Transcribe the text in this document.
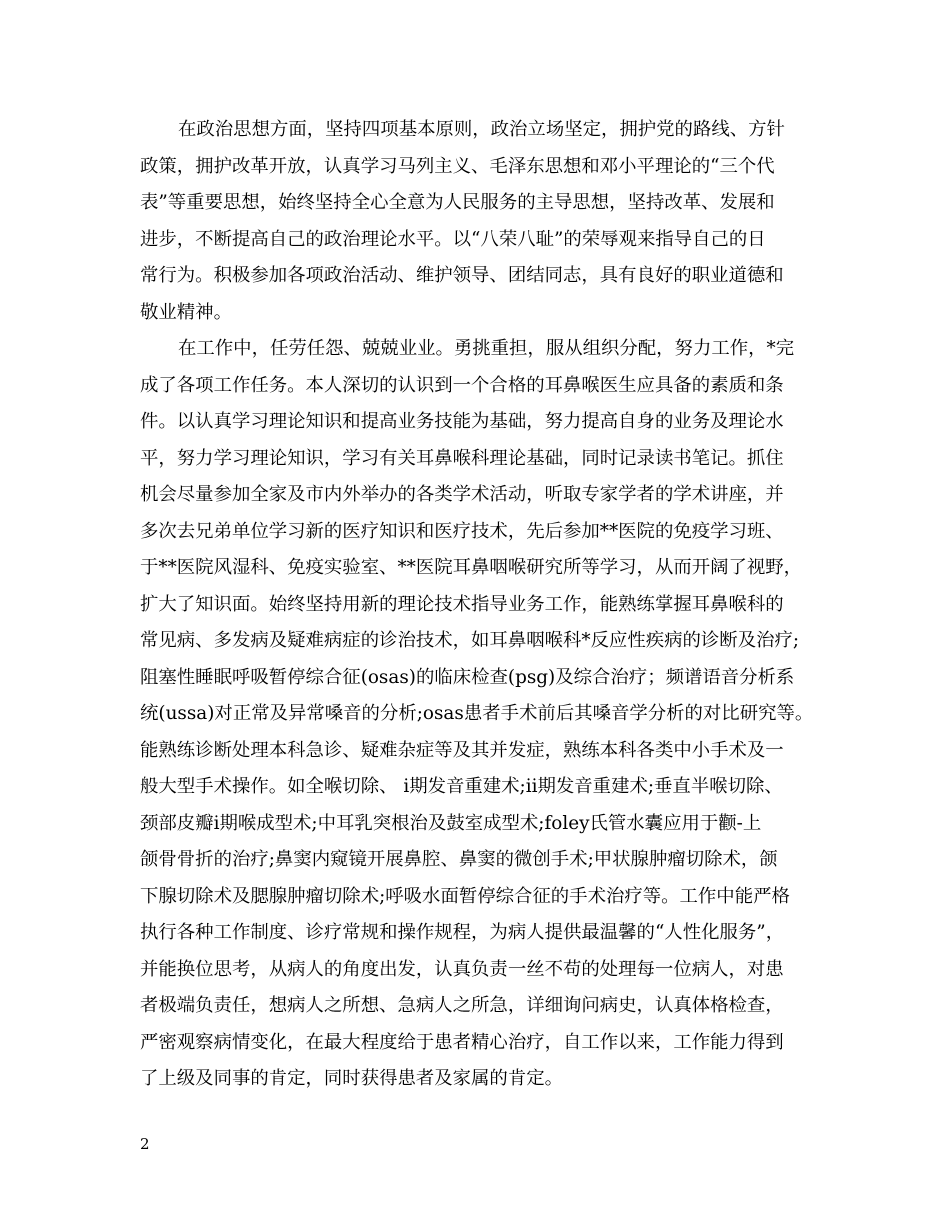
在政治思想方面，坚持四项基本原则，政治立场坚定，拥护党的路线、方针
政策，拥护改革开放，认真学习马列主义、毛泽东思想和邓小平理论的“三个代
表”等重要思想，始终坚持全心全意为人民服务的主导思想，坚持改革、发展和
进步，不断提高自己的政治理论水平。以“八荣八耻”的荣辱观来指导自己的日
常行为。积极参加各项政治活动、维护领导、团结同志，具有良好的职业道德和
敬业精神。
在工作中，任劳任怨、兢兢业业。勇挑重担，服从组织分配，努力工作，*完
成了各项工作任务。本人深切的认识到一个合格的耳鼻喉医生应具备的素质和条
件。以认真学习理论知识和提高业务技能为基础，努力提高自身的业务及理论水
平，努力学习理论知识，学习有关耳鼻喉科理论基础，同时记录读书笔记。抓住
机会尽量参加全家及市内外举办的各类学术活动，听取专家学者的学术讲座，并
多次去兄弟单位学习新的医疗知识和医疗技术，先后参加**医院的免疫学习班、
于**医院风湿科、免疫实验室、**医院耳鼻咽喉研究所等学习，从而开阔了视野，
扩大了知识面。始终坚持用新的理论技术指导业务工作，能熟练掌握耳鼻喉科的
常见病、多发病及疑难病症的诊治技术，如耳鼻咽喉科*反应性疾病的诊断及治疗;
阻塞性睡眠呼吸暂停综合征(osas)的临床检查(psg)及综合治疗；频谱语音分析系
统(ussa)对正常及异常嗓音的分析;osas患者手术前后其嗓音学分析的对比研究等。
能熟练诊断处理本科急诊、疑难杂症等及其并发症，熟练本科各类中小手术及一
般大型手术操作。如全喉切除、 i期发音重建术;ii期发音重建术;垂直半喉切除、
颈部皮瓣i期喉成型术;中耳乳突根治及鼓室成型术;foley氏管水囊应用于颧-上
颌骨骨折的治疗;鼻窦内窥镜开展鼻腔、鼻窦的微创手术;甲状腺肿瘤切除术，颌
下腺切除术及腮腺肿瘤切除术;呼吸水面暂停综合征的手术治疗等。工作中能严格
执行各种工作制度、诊疗常规和操作规程，为病人提供最温馨的“人性化服务”，
并能换位思考，从病人的角度出发，认真负责一丝不苟的处理每一位病人，对患
者极端负责任，想病人之所想、急病人之所急，详细询问病史，认真体格检查，
严密观察病情变化，在最大程度给于患者精心治疗，自工作以来，工作能力得到
了上级及同事的肯定，同时获得患者及家属的肯定。
2
